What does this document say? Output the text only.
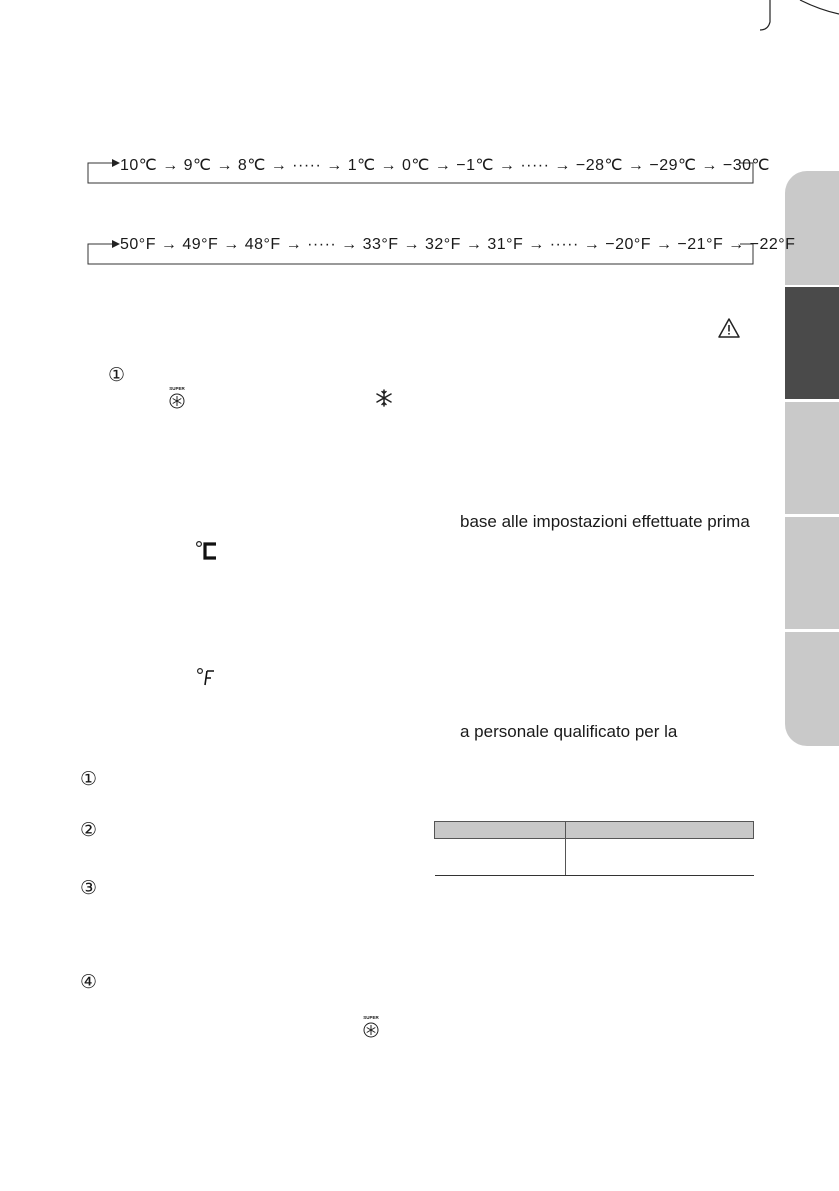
10℃ → 9℃ → 8℃ → ····· → 1℃ → 0℃ → −1℃ → ····· → −28℃ → −29℃ → −30℃
50°F → 49°F → 48°F → ····· → 33°F → 32°F → 31°F → ····· → −20°F → −21°F → −22°F
①
SUPER
base alle impostazioni effettuate prima
a personale qualificato per la
①
②
③
④

SUPER
